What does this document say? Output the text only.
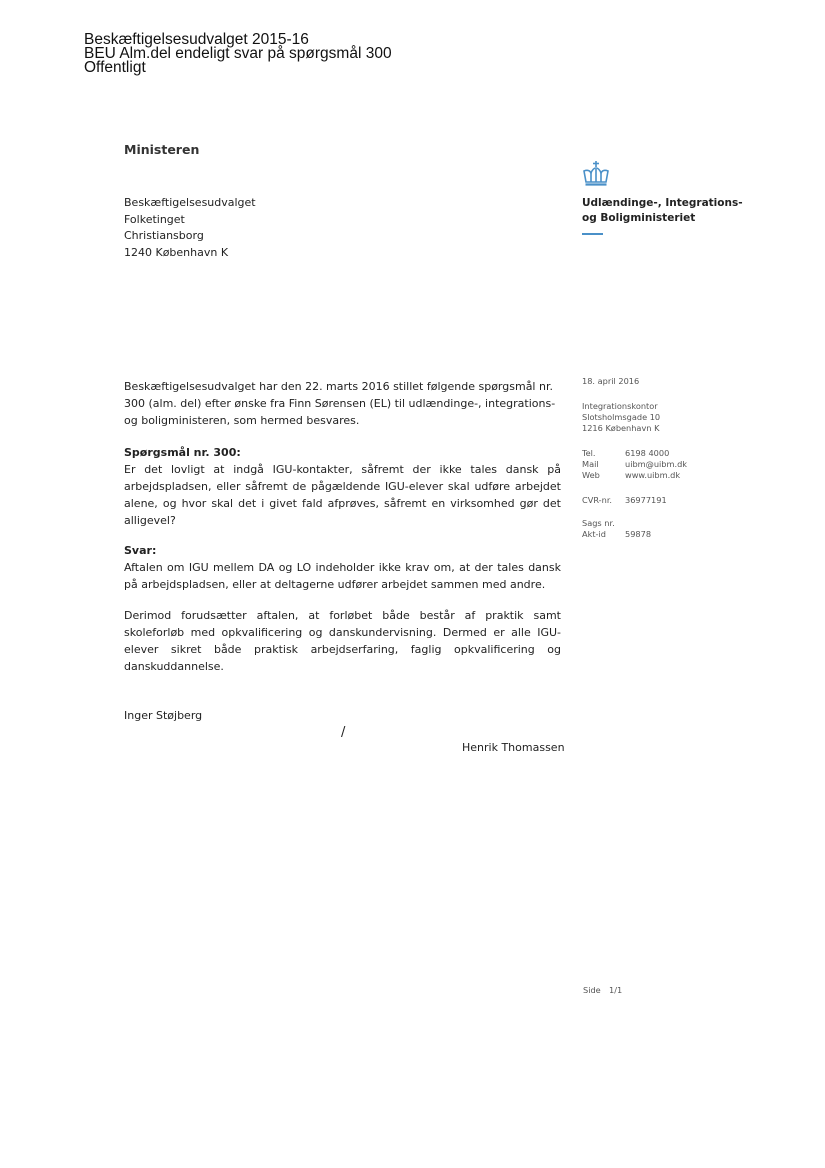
Beskæftigelsesudvalget 2015-16
BEU Alm.del endeligt svar på spørgsmål 300
Offentligt
Ministeren
Beskæftigelsesudvalget
Folketinget
Christiansborg
1240 København K
Udlændinge-, Integrations-
og Boligministeriet

Beskæftigelsesudvalget har den 22. marts 2016 stillet følgende spørgsmål nr. 300 (alm. del) efter ønske fra Finn Sørensen (EL) til udlændinge-, integrations- og boligministeren, som hermed besvares.

Spørgsmål nr. 300:

Er det lovligt at indgå IGU-kontakter, såfremt der ikke tales dansk på arbejdspladsen, eller såfremt de pågældende IGU-elever skal udføre arbejdet alene, og hvor skal det i givet fald afprøves, såfremt en virksomhed gør det alligevel?

Svar:

Aftalen om IGU mellem DA og LO indeholder ikke krav om, at der tales dansk på arbejdspladsen, eller at deltagerne udfører arbejdet sammen med andre.

Derimod forudsætter aftalen, at forløbet både består af praktik samt skoleforløb med opkvalificering og danskundervisning. Dermed er alle IGU-elever sikret både praktisk arbejdserfaring, faglig opkvalificering og danskuddannelse.

Inger Støjberg
/
Henrik Thomassen
18. april 2016
Integrationskontor
Slotsholmsgade 10
1216 København K
Tel.	6198 4000
Mail	uibm@uibm.dk
Web	www.uibm.dk
CVR-nr.	36977191
Sags nr.
Akt-id	59878
Side 1/1
